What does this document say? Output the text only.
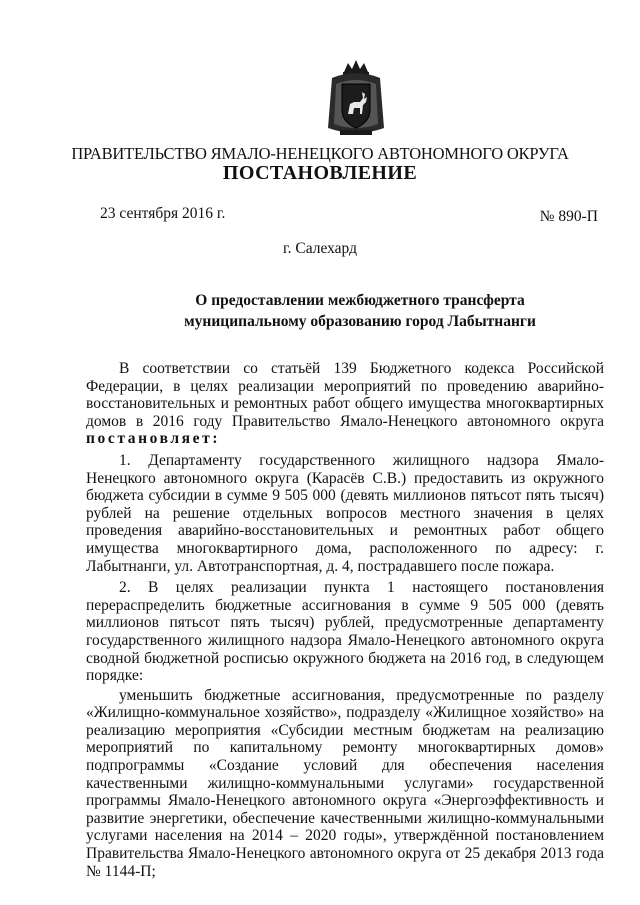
ПРАВИТЕЛЬСТВО ЯМАЛО-НЕНЕЦКОГО АВТОНОМНОГО ОКРУГА
ПОСТАНОВЛЕНИЕ
23 сентября 2016 г.	№ 890-П
г. Салехард
О предоставлении межбюджетного трансферта
муниципальному образованию город Лабытнанги

В соответствии со статьёй 139 Бюджетного кодекса Российской Федерации, в целях реализации мероприятий по проведению аварийно-восстановительных и ремонтных работ общего имущества многоквартирных домов в 2016 году Правительство Ямало-Ненецкого автономного округа постановляет:

1. Департаменту государственного жилищного надзора Ямало-Ненецкого автономного округа (Карасёв С.В.) предоставить из окружного бюджета субсидии в сумме 9 505 000 (девять миллионов пятьсот пять тысяч) рублей на решение отдельных вопросов местного значения в целях проведения аварийно-восстановительных и ремонтных работ общего имущества многоквартирного дома, расположенного по адресу: г. Лабытнанги, ул. Автотранспортная, д. 4, пострадавшего после пожара.

2. В целях реализации пункта 1 настоящего постановления перераспределить бюджетные ассигнования в сумме 9 505 000 (девять миллионов пятьсот пять тысяч) рублей, предусмотренные департаменту государственного жилищного надзора Ямало-Ненецкого автономного округа сводной бюджетной росписью окружного бюджета на 2016 год, в следующем порядке:

уменьшить бюджетные ассигнования, предусмотренные по разделу «Жилищно-коммунальное хозяйство», подразделу «Жилищное хозяйство» на реализацию мероприятия «Субсидии местным бюджетам на реализацию мероприятий по капитальному ремонту многоквартирных домов» подпрограммы «Создание условий для обеспечения населения качественными жилищно-коммунальными услугами» государственной программы Ямало-Ненецкого автономного округа «Энергоэффективность и развитие энергетики, обеспечение качественными жилищно-коммунальными услугами населения на 2014 – 2020 годы», утверждённой постановлением Правительства Ямало-Ненецкого автономного округа от 25 декабря 2013 года № 1144-П;
